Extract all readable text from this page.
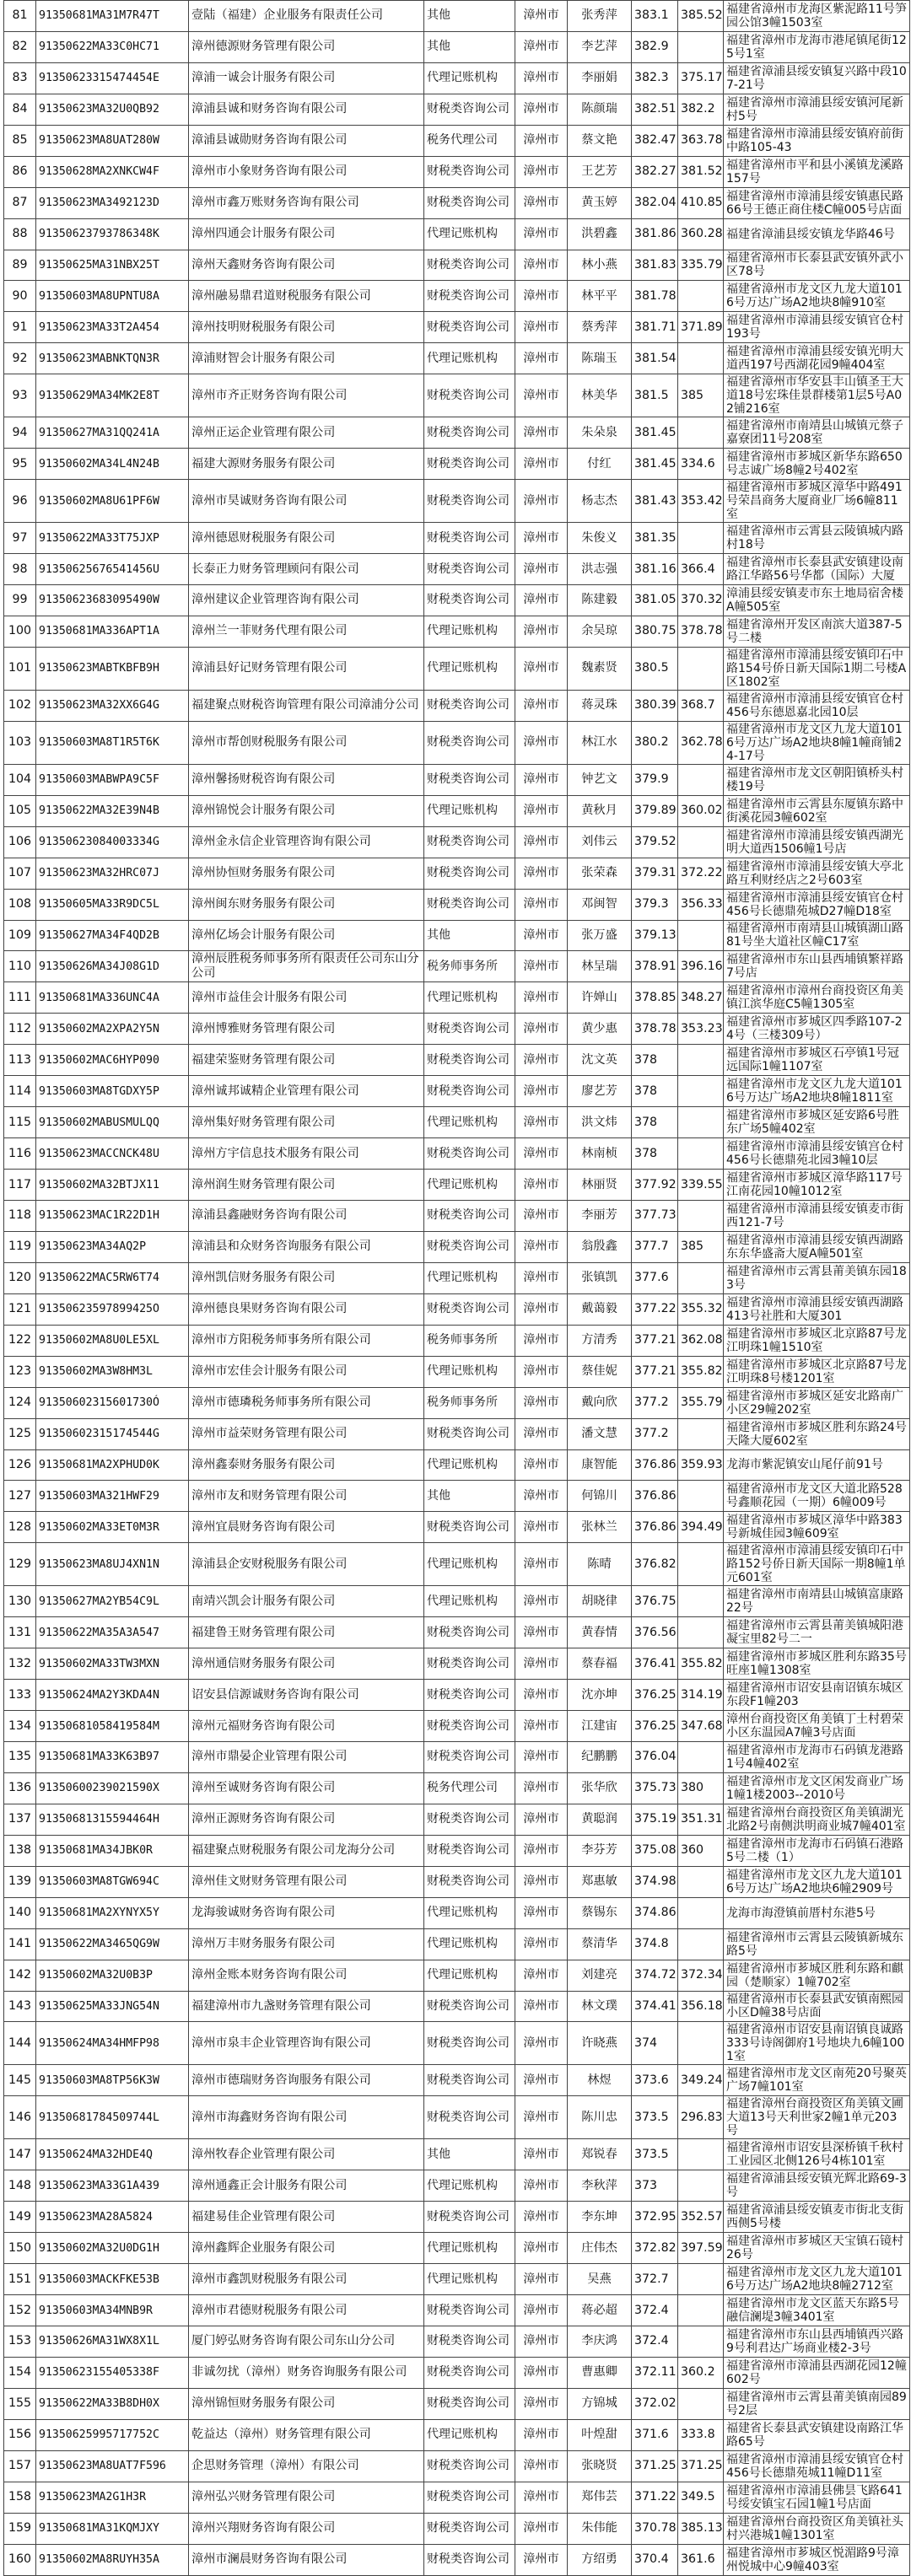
81	91350681MA31M7R47T	壹陆（福建）企业服务有限责任公司	其他	漳州市	张秀萍	383.1	385.52	福建省漳州市龙海区紫泥路11号笋园公馆3幢1503室
82	91350622MA33C0HC71	漳州德源财务管理有限公司	其他	漳州市	李艺萍	382.9		福建省漳州市龙海市港尾镇尾街125号1室
83	91350623315474454E	漳浦一诚会计服务有限公司	代理记账机构	漳州市	李丽娟	382.3	375.17	福建省漳浦县绥安镇复兴路中段107-21号
84	91350623MA32U0QB92	漳浦县诚和财务咨询有限公司	财税类咨询公司	漳州市	陈颜瑞	382.51	382.2	福建省漳州市漳浦县绥安镇河尾新村5号
85	91350623MA8UAT280W	漳浦县诚勋财务咨询有限公司	税务代理公司	漳州市	蔡文艳	382.47	363.78	福建省漳州市漳浦县绥安镇府前街中路105-43
86	91350628MA2XNKCW4F	漳州市小象财务咨询有限公司	财税类咨询公司	漳州市	王艺芳	382.27	381.52	福建省漳州市平和县小溪镇龙溪路157号
87	91350623MA3492123D	漳州市鑫万账财务咨询有限公司	财税类咨询公司	漳州市	黄玉婷	382.04	410.85	福建省漳州市漳浦县绥安镇惠民路66号王德正商住楼C幢005号店面
88	91350623793786348K	漳州四通会计服务有限公司	代理记账机构	漳州市	洪碧鑫	381.86	360.28	福建省漳浦县绥安镇龙华路46号
89	91350625MA31NBX25T	漳州天鑫财务咨询有限公司	财税类咨询公司	漳州市	林小燕	381.83	335.79	福建省漳州市长泰县武安镇外武小区78号
90	91350603MA8UPNTU8A	漳州融易鼎君道财税服务有限公司	财税类咨询公司	漳州市	林平平	381.78		福建省漳州市龙文区九龙大道1016号万达广场A2地块8幢910室
91	91350623MA33T2A454	漳州技明财税服务有限公司	财税类咨询公司	漳州市	蔡秀萍	381.71	371.89	福建省漳州市漳浦县绥安镇官仓村193号
92	91350623MABNKTQN3R	漳浦财智会计服务有限公司	代理记账机构	漳州市	陈瑞玉	381.54		福建省漳州市漳浦县绥安镇光明大道西197号西湖花园9幢404室
93	91350629MA34MK2E8T	漳州市齐正财务咨询有限公司	财税类咨询公司	漳州市	林美华	381.5	385	福建省漳州市华安县丰山镇圣王大道18号宏珠佳景群楼第1层5号A02铺216室
94	91350627MA31QQ241A	漳州正运企业管理有限公司	财税类咨询公司	漳州市	朱朵泉	381.45		福建省漳州市南靖县山城镇元蔡子嘉寮团11号208室
95	91350602MA34L4N24B	福建大源财务服务有限公司	财税类咨询公司	漳州市	付红	381.45	334.6	福建省漳州市芗城区新华东路650号志诚广场8幢2号402室
96	91350602MA8U61PF6W	漳州市昊诚财务咨询有限公司	财税类咨询公司	漳州市	杨志杰	381.43	353.42	福建省漳州市芗城区漳华中路491号荣昌商务大厦商业厂场6幢811室
97	91350622MA33T75JXP	漳州德恩财税服务有限公司	财税类咨询公司	漳州市	朱俊义	381.35		福建省漳州市云霄县云陵镇城内路村18号
98	91350625676541456U	长泰正力财务管理顾问有限公司	财税类咨询公司	漳州市	洪志强	381.16	366.4	福建省漳州市长泰县武安镇建设南路江华路56号华都（国际）大厦
99	91350623683095490W	漳州建议企业管理咨询有限公司	财税类咨询公司	漳州市	陈建毅	381.05	370.32	漳浦县绥安镇麦市东土地局宿舍楼A幢505室
100	91350681MA336APT1A	漳州兰一菲财务代理有限公司	代理记账机构	漳州市	余吴琼	380.75	378.78	福建省漳州开发区南滨大道387-5号二楼
101	91350623MABTKBFB9H	漳浦县好记财务管理有限公司	代理记账机构	漳州市	魏素贤	380.5		福建省漳州市漳浦县绥安镇印石中路154号侨日新天国际1期二号楼A区1802室
102	91350623MA32XX6G4G	福建聚点财税咨询管理有限公司漳浦分公司	财税类咨询公司	漳州市	蒋灵珠	380.39	368.7	福建省漳州市漳浦县绥安镇官仓村456号东德恩嘉北园10层
103	91350603MA8T1R5T6K	漳州市帮创财税服务有限公司	财税类咨询公司	漳州市	林江水	380.2	362.78	福建省漳州市龙文区九龙大道1016号万达广场A2地块8幢1幢商铺24-17号
104	91350603MABWPA9C5F	漳州馨扬财税咨询有限公司	财税类咨询公司	漳州市	钟艺文	379.9		福建省漳州市龙文区朝阳镇桥头村楼19号
105	91350622MA32E39N4B	漳州锦悦会计服务有限公司	代理记账机构	漳州市	黄秋月	379.89	360.02	福建省漳州市云霄县东厦镇东路中街溪花园3幢602室
106	91350623084003334G	漳州金永信企业管理咨询有限公司	财税类咨询公司	漳州市	刘伟云	379.52		福建省漳州市漳浦县绥安镇西湖光明大道西1506幢1号店
107	91350623MA32HRC07J	漳州协恒财务服务有限公司	财税类咨询公司	漳州市	张荣森	379.31	372.22	福建省漳州市漳浦县绥安镇大亭北路互利财经店之2号603室
108	91350605MA33R9DC5L	漳州闽东财务服务有限公司	财税类咨询公司	漳州市	邓闽智	379.3	356.33	福建省漳州市漳浦县绥安镇官仓村456号长德鼎苑城D27幢D18室
109	91350627MA34F4QD2B	漳州亿场会计服务有限公司	其他	漳州市	张万盛	379.13		福建省漳州市南靖县山城镇湖山路81号坐大道社区幢C17室
110	91350626MA34J08G1D	漳州辰胜税务师事务所有限责任公司东山分公司	税务师事务所	漳州市	林呈瑞	378.91	396.16	福建省漳州市东山县西埔镇繁祥路7号店
111	91350681MA336UNC4A	漳州市益佳会计服务有限公司	代理记账机构	漳州市	许婵山	378.85	348.27	福建省漳州市漳州台商投资区角美镇江滨华庭C5幢1305室
112	91350602MA2XPA2Y5N	漳州博雅财务管理有限公司	财税类咨询公司	漳州市	黄少惠	378.78	353.23	福建省漳州市芗城区四季路107-24号（三楼309号）
113	91350602MAC6HYP090	福建荣鉴财务管理有限公司	财税类咨询公司	漳州市	沈文英	378		福建省漳州市芗城区石亭镇1号冠远国际1幢1107室
114	91350603MA8TGDXY5P	漳州诚邦诚精企业管理有限公司	财税类咨询公司	漳州市	廖艺芳	378		福建省漳州市龙文区九龙大道1016号万达广场A2地块8幢1811室
115	91350602MABUSMULQQ	漳州集好财务管理有限公司	代理记账机构	漳州市	洪文炜	378		福建省漳州市芗城区延安路6号胜东广场5幢402室
116	91350623MACCNCK48U	漳州方宇信息技术服务有限公司	财税类咨询公司	漳州市	林南桢	378		福建省漳州市漳浦县绥安镇宫仓村456号长德鼎苑北园3幢10层
117	91350602MA32BTJX11	漳州润生财务管理有限公司	代理记账机构	漳州市	林丽贤	377.92	339.55	福建省漳州市芗城区漳华路117号江南花园10幢1012室
118	91350623MAC1R22D1H	漳浦县鑫融财务咨询有限公司	财税类咨询公司	漳州市	李丽芳	377.73		福建省漳州市漳浦县绥安镇麦市街西121-7号
119	91350623MA34AQ2P	漳浦县和众财务咨询服务有限公司	财税类咨询公司	漳州市	翁殷鑫	377.7	385	福建省漳州市漳浦县绥安镇西湖路东东华盛斋大厦A幢501室
120	91350622MAC5RW6T74	漳州凯信财务服务有限公司	代理记账机构	漳州市	张镇凯	377.6		福建省漳州市云霄县莆美镇东园183号
121	91350623597899425O	漳州德良果财务咨询有限公司	财税类咨询公司	漳州市	戴蔼毅	377.22	355.32	福建省漳州市漳浦县绥安镇西湖路413号社胜和大厦301
122	91350602MA8U0LE5XL	漳州市方阳税务师事务所有限公司	税务师事务所	漳州市	方清秀	377.21	362.08	福建省漳州市芗城区北京路87号龙江明珠1幢1510室
123	91350602MA3W8HM3L	漳州市宏佳会计服务有限公司	代理记账机构	漳州市	蔡佳妮	377.21	355.82	福建省漳州市芗城区北京路87号龙江明珠8号楼1201室
124	91350602315601730Ó	漳州市德璘税务师事务所有限公司	税务师事务所	漳州市	戴向欣	377.2	355.79	福建省漳州市芗城区延安北路南广小区29幢202室
125	91350602315174544G	漳州市益荣财务管理有限公司	财税类咨询公司	漳州市	潘文慧	377.2		福建省漳州市芗城区胜利东路24号天隆大厦602室
126	91350681MA2XPHUD0K	漳州鑫泰财务服务有限公司	代理记账机构	漳州市	康智能	376.86	359.93	龙海市紫泥镇安山尾仔前91号
127	91350603MA321HWF29	漳州市友和财务管理有限公司	其他	漳州市	何锦川	376.86		福建省漳州市龙文区大道北路528号鑫顺花园（一期）6幢009号
128	91350602MA33ET0M3R	漳州宜晨财务咨询有限公司	财税类咨询公司	漳州市	张林兰	376.86	394.49	福建省漳州市芗城区漳华中路383号新城佳园3幢609室
129	91350623MA8UJ4XN1N	漳浦县企安财税服务有限公司	代理记账机构	漳州市	陈晴	376.82		福建省漳州市漳浦县绥安镇印石中路152号侨日新天国际一期8幢1单元601室
130	91350627MA2YB54C9L	南靖兴凯会计服务有限公司	代理记账机构	漳州市	胡晓律	376.75		福建省漳州市南靖县山城镇富康路22号
131	91350622MA35A3A547	福建鲁王财务管理有限公司	财税类咨询公司	漳州市	黄春情	376.56		福建省漳州市云霄县莆美镇城阳港凝宝里82号二一
132	91350602MA33TW3MXN	漳州通信财务服务有限公司	财税类咨询公司	漳州市	蔡春福	376.41	355.82	福建省漳州市芗城区胜利东路35号旺座1幢1308室
133	91350624MA2Y3KDA4N	诏安县信源诚财务咨询有限公司	财税类咨询公司	漳州市	沈亦坤	376.25	314.19	福建省漳州市诏安县南诏镇东城区东段F1幢203
134	91350681058419584M	漳州元福财务咨询有限公司	财税类咨询公司	漳州市	江建宙	376.25	347.68	漳州台商投资区角美镇丁土村碧荣小区东温园A7幢3号店面
135	91350681MA33K63B97	漳州市鼎晏企业管理有限公司	财税类咨询公司	漳州市	纪鹏鹏	376.04		福建省漳州市龙海市石码镇龙港路1号4幢402室
136	91350600239021590X	漳州至诚财务咨询有限公司	税务代理公司	漳州市	张华欣	375.73	380	福建省漳州市龙文区闲发商业广场1幢1楼2003--2010号
137	91350681315594464H	漳州正源财务咨询有限公司	财税类咨询公司	漳州市	黄聪润	375.19	351.31	福建省漳州台商投资区角美镇湖光北路2号南侧洪明商业城7幢401室
138	91350681MA34JBK0R	福建聚点财税服务有限公司龙海分公司	财税类咨询公司	漳州市	李芬芳	375.08	360	福建省漳州市龙海市石码镇石港路5号二楼（1）
139	91350603MA8TGW694C	漳州佳文财财务管理有限公司	财税类咨询公司	漳州市	郑惠敏	374.98		福建省漳州市龙文区九龙大道1016号万达广场A2地块6幢2909号
140	91350681MA2XYNYX5Y	龙海骏诚财务咨询有限公司	代理记账机构	漳州市	蔡锡东	374.86		龙海市海澄镇前厝村东港5号
141	91350622MA3465QG9W	漳州万丰财务服务有限公司	代理记账机构	漳州市	蔡清华	374.8		福建省漳州市云霄县云陵镇新城东路5号
142	91350602MA32U0B3P	漳州金账本财务咨询有限公司	代理记账机构	漳州市	刘建亮	374.72	372.34	福建省漳州市芗城区胜利东路和麒园（楚顺家）1幢702室
143	91350625MA33JNG54N	福建漳州市九盏财务管理有限公司	财税类咨询公司	漳州市	林文璞	374.41	356.18	福建省漳州市长泰县武安镇南熙园小区D幢38号店面
144	91350624MA34HMFP98	漳州市泉丰企业管理咨询有限公司	财税类咨询公司	漳州市	许晓燕	374		福建省漳州市诏安县南诏镇良诚路333号诗阁御府1号地块九6幢1001室
145	91350603MA8TP56K3W	漳州市德瑞财务咨询服务有限公司	财税类咨询公司	漳州市	林煜	373.6	349.24	福建省漳州市龙文区南苑20号聚英广场7幢101室
146	91350681784509744L	漳州市海鑫财务咨询有限公司	财税类咨询公司	漳州市	陈川忠	373.5	296.83	福建省漳州台商投资区角美镇文圃大道13号天利世家2幢1单元203号
147	91350624MA32HDE4Q	漳州牧春企业管理有限公司	其他	漳州市	郑锐春	373.5		福建省漳州市诏安县深桥镇千秋村工业园区北侧126号4栋101室
148	91350623MA33G1A439	漳州通鑫正会计服务有限公司	代理记账机构	漳州市	李秋萍	373		福建省漳浦县绥安镇光辉北路69-3号
149	91350623MA28A5824	福建易佳企业管理有限公司	财税类咨询公司	漳州市	李东坤	372.95	352.57	福建省漳浦县绥安镇麦市街北支街西侧5号楼
150	91350602MA32U0DG1H	漳州鑫辉企业服务有限公司	代理记账机构	漳州市	庄伟杰	372.82	397.59	福建省漳州市芗城区天宝镇石镜村26号
151	91350603MACKFKE53B	漳州市鑫凯财税服务有限公司	代理记账机构	漳州市	吴燕	372.7		福建省漳州市龙文区九龙大道1016号万达广场A2地块8幢2712室
152	91350603MA34MNB9R	漳州市君德财税服务有限公司	财税类咨询公司	漳州市	蒋必超	372.4		福建省漳州市龙文区蓝天东路5号融信澜堤3幢3401室
153	91350626MA31WX8X1L	厦门婷弘财务咨询有限公司东山分公司	财税类咨询公司	漳州市	李庆鸿	372.4		福建省漳州市东山县西埔镇西兴路9号利君达广场商业楼2-3号
154	91350623155405338F	非诚勿扰（漳州）财务咨询服务有限公司	财税类咨询公司	漳州市	曹惠卿	372.11	360.2	福建省漳州市漳浦县西湖花园12幢602号
155	91350622MA33B8DH0X	漳州锦恒财务服务有限公司	财税类咨询公司	漳州市	方锦城	372.02		福建省漳州市云霄县莆美镇南园89号2层
156	91350625995717752C	乾益达（漳州）财务管理有限公司	代理记账机构	漳州市	叶煌甜	371.6	333.8	福建省长泰县武安镇建设南路江华路65号
157	91350623MA8UAT7F596	企思财务管理（漳州）有限公司	财税类咨询公司	漳州市	张晓贤	371.25	371.25	福建省漳州市漳浦县绥安镇官仓村456号长德鼎苑城11幢D11室
158	91350623MA2G1H3R	漳州弘兴财务管理有限公司	财税类咨询公司	漳州市	郑伟芸	371.22	349.5	福建省漳州市漳浦县佛昙飞路641号绥安镇宝石园1幢1号店面
159	91350681MA31KQMJXY	漳州兴翔财务咨询有限公司	财税类咨询公司	漳州市	朱伟能	370.78	385.13	福建省漳州台商投资区角美镇社头村兴港城1幢1301室
160	91350602MA8RUYH35A	漳州市澜晨财务咨询有限公司	财税类咨询公司	漳州市	方绍勇	370.4	361.6	福建省漳州市芗城区悦湄路9号漳州悦城中心9幢403室
